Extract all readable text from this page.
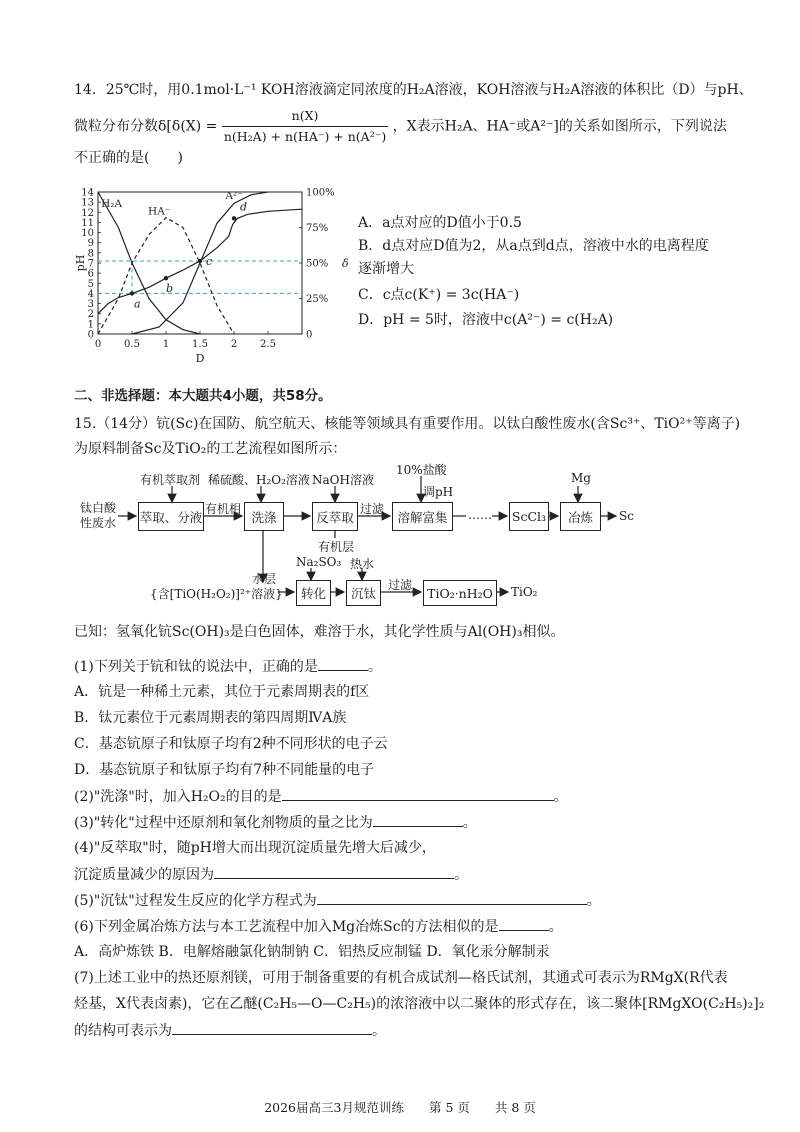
14．25℃时，用0.1mol·L⁻¹ KOH溶液滴定同浓度的H₂A溶液，KOH溶液与H₂A溶液的体积比（D）与pH、
微粒分布分数$\delta[\delta(X) = \frac{n(X)}{\text{n(H₂A) + n(HA⁻) + n(A²⁻)}}$ ，X表示H₂A、HA⁻或A²⁻]的关系如图所示，下列说法
不正确的是(　　)
0
1
2
3
4
5
6
7
8
9
10
11
12
13
14
0
25%
50%
75%
100%
0 0.5 1 1.5 2 2.5
D
pH	δ
H₂A
HA⁻
A²⁻
a
b
c
d
A．a点对应的D值小于0.5
B．d点对应D值为2，从a点到d点，溶液中水的电离程度
逐渐增大
C．c点c(K⁺) = 3c(HA⁻)
D．pH = 5时，溶液中c(A²⁻) = c(H₂A)
二、非选择题：本大题共4小题，共58分。
15.（14分）钪(Sc)在国防、航空航天、核能等领域具有重要作用。以钛白酸性废水(含Sc³⁺、TiO²⁺等离子)
为原料制备Sc及TiO₂的工艺流程如图所示：
钛白酸
性废水
有机萃取剂 稀硫酸、H₂O₂溶液 NaOH溶液
10%盐酸
调pH
Mg
萃取、分液
有机相
洗涤	反萃取
过滤
溶解富集	…… ScCl₃	冶炼	Sc
有机层
水层
{含[TiO(H₂O₂)]²⁺溶液}
Na₂SO₃ 热水
转化	沉钛
过滤
TiO₂·nH₂O	TiO₂
已知：氢氧化钪Sc(OH)₃是白色固体，难溶于水，其化学性质与Al(OH)₃相似。
(1)下列关于钪和钛的说法中，正确的是	。
A．钪是一种稀土元素，其位于元素周期表的f区
B．钛元素位于元素周期表的第四周期ⅣA族
C．基态钪原子和钛原子均有2种不同形状的电子云
D．基态钪原子和钛原子均有7种不同能量的电子
(2)"洗涤"时，加入H₂O₂的目的是	。
(3)"转化"过程中还原剂和氧化剂物质的量之比为	。
(4)"反萃取"时，随pH增大而出现沉淀质量先增大后减少，
沉淀质量减少的原因为	。
(5)"沉钛"过程发生反应的化学方程式为	。
(6)下列金属冶炼方法与本工艺流程中加入Mg冶炼Sc的方法相似的是	。
A．高炉炼铁 B．电解熔融氯化钠制钠 C．铝热反应制锰 D．氧化汞分解制汞
(7)上述工业中的热还原剂镁，可用于制备重要的有机合成试剂—格氏试剂，其通式可表示为RMgX(R代表
烃基，X代表卤素)，它在乙醚(C₂H₅—O—C₂H₅)的浓溶液中以二聚体的形式存在，该二聚体[RMgXO(C₂H₅)₂]₂
的结构可表示为	。
2026届高三3月规范训练　　第 5 页　　共 8 页
